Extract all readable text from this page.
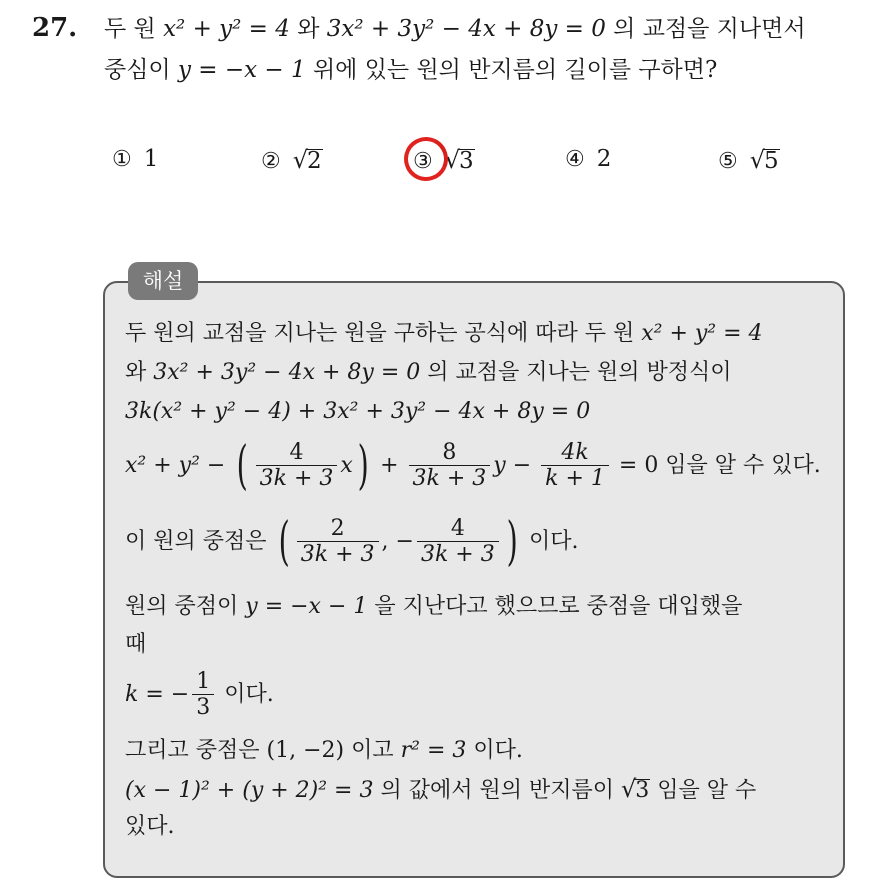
27. 두 원 x² + y² = 4 와 3x² + 3y² − 4x + 8y = 0 의 교점을 지나면서
중심이 y = −x − 1 위에 있는 원의 반지름의 길이를 구하면?
① 1	② √2	③ √3	④ 2	⑤ √5
해설
두 원의 교점을 지나는 원을 구하는 공식에 따라 두 원 x² + y² = 4
와 3x² + 3y² − 4x + 8y = 0 의 교점을 지나는 원의 방정식이
3k(x² + y² − 4) + 3x² + 3y² − 4x + 8y = 0
x² + y² − ( $\frac{4}{3k + 3} x) + \frac{8}{3k + 3}$ $y - \frac{4k}{k + 1} = 0$ 임을 알 수 있다.
이 원의 중점은 ( $\frac{2}{3k + 3}$ , − $\frac{4}{3k + 3}$ ) 이다.
원의 중점이 y = −x − 1 을 지난다고 했으므로 중점을 대입했을
때
k = − $\frac{1}{3}$ 이다.
그리고 중점은 (1, −2) 이고 r² = 3 이다.
(x − 1)² + (y + 2)² = 3 의 값에서 원의 반지름이 √3 임을 알 수
있다.
